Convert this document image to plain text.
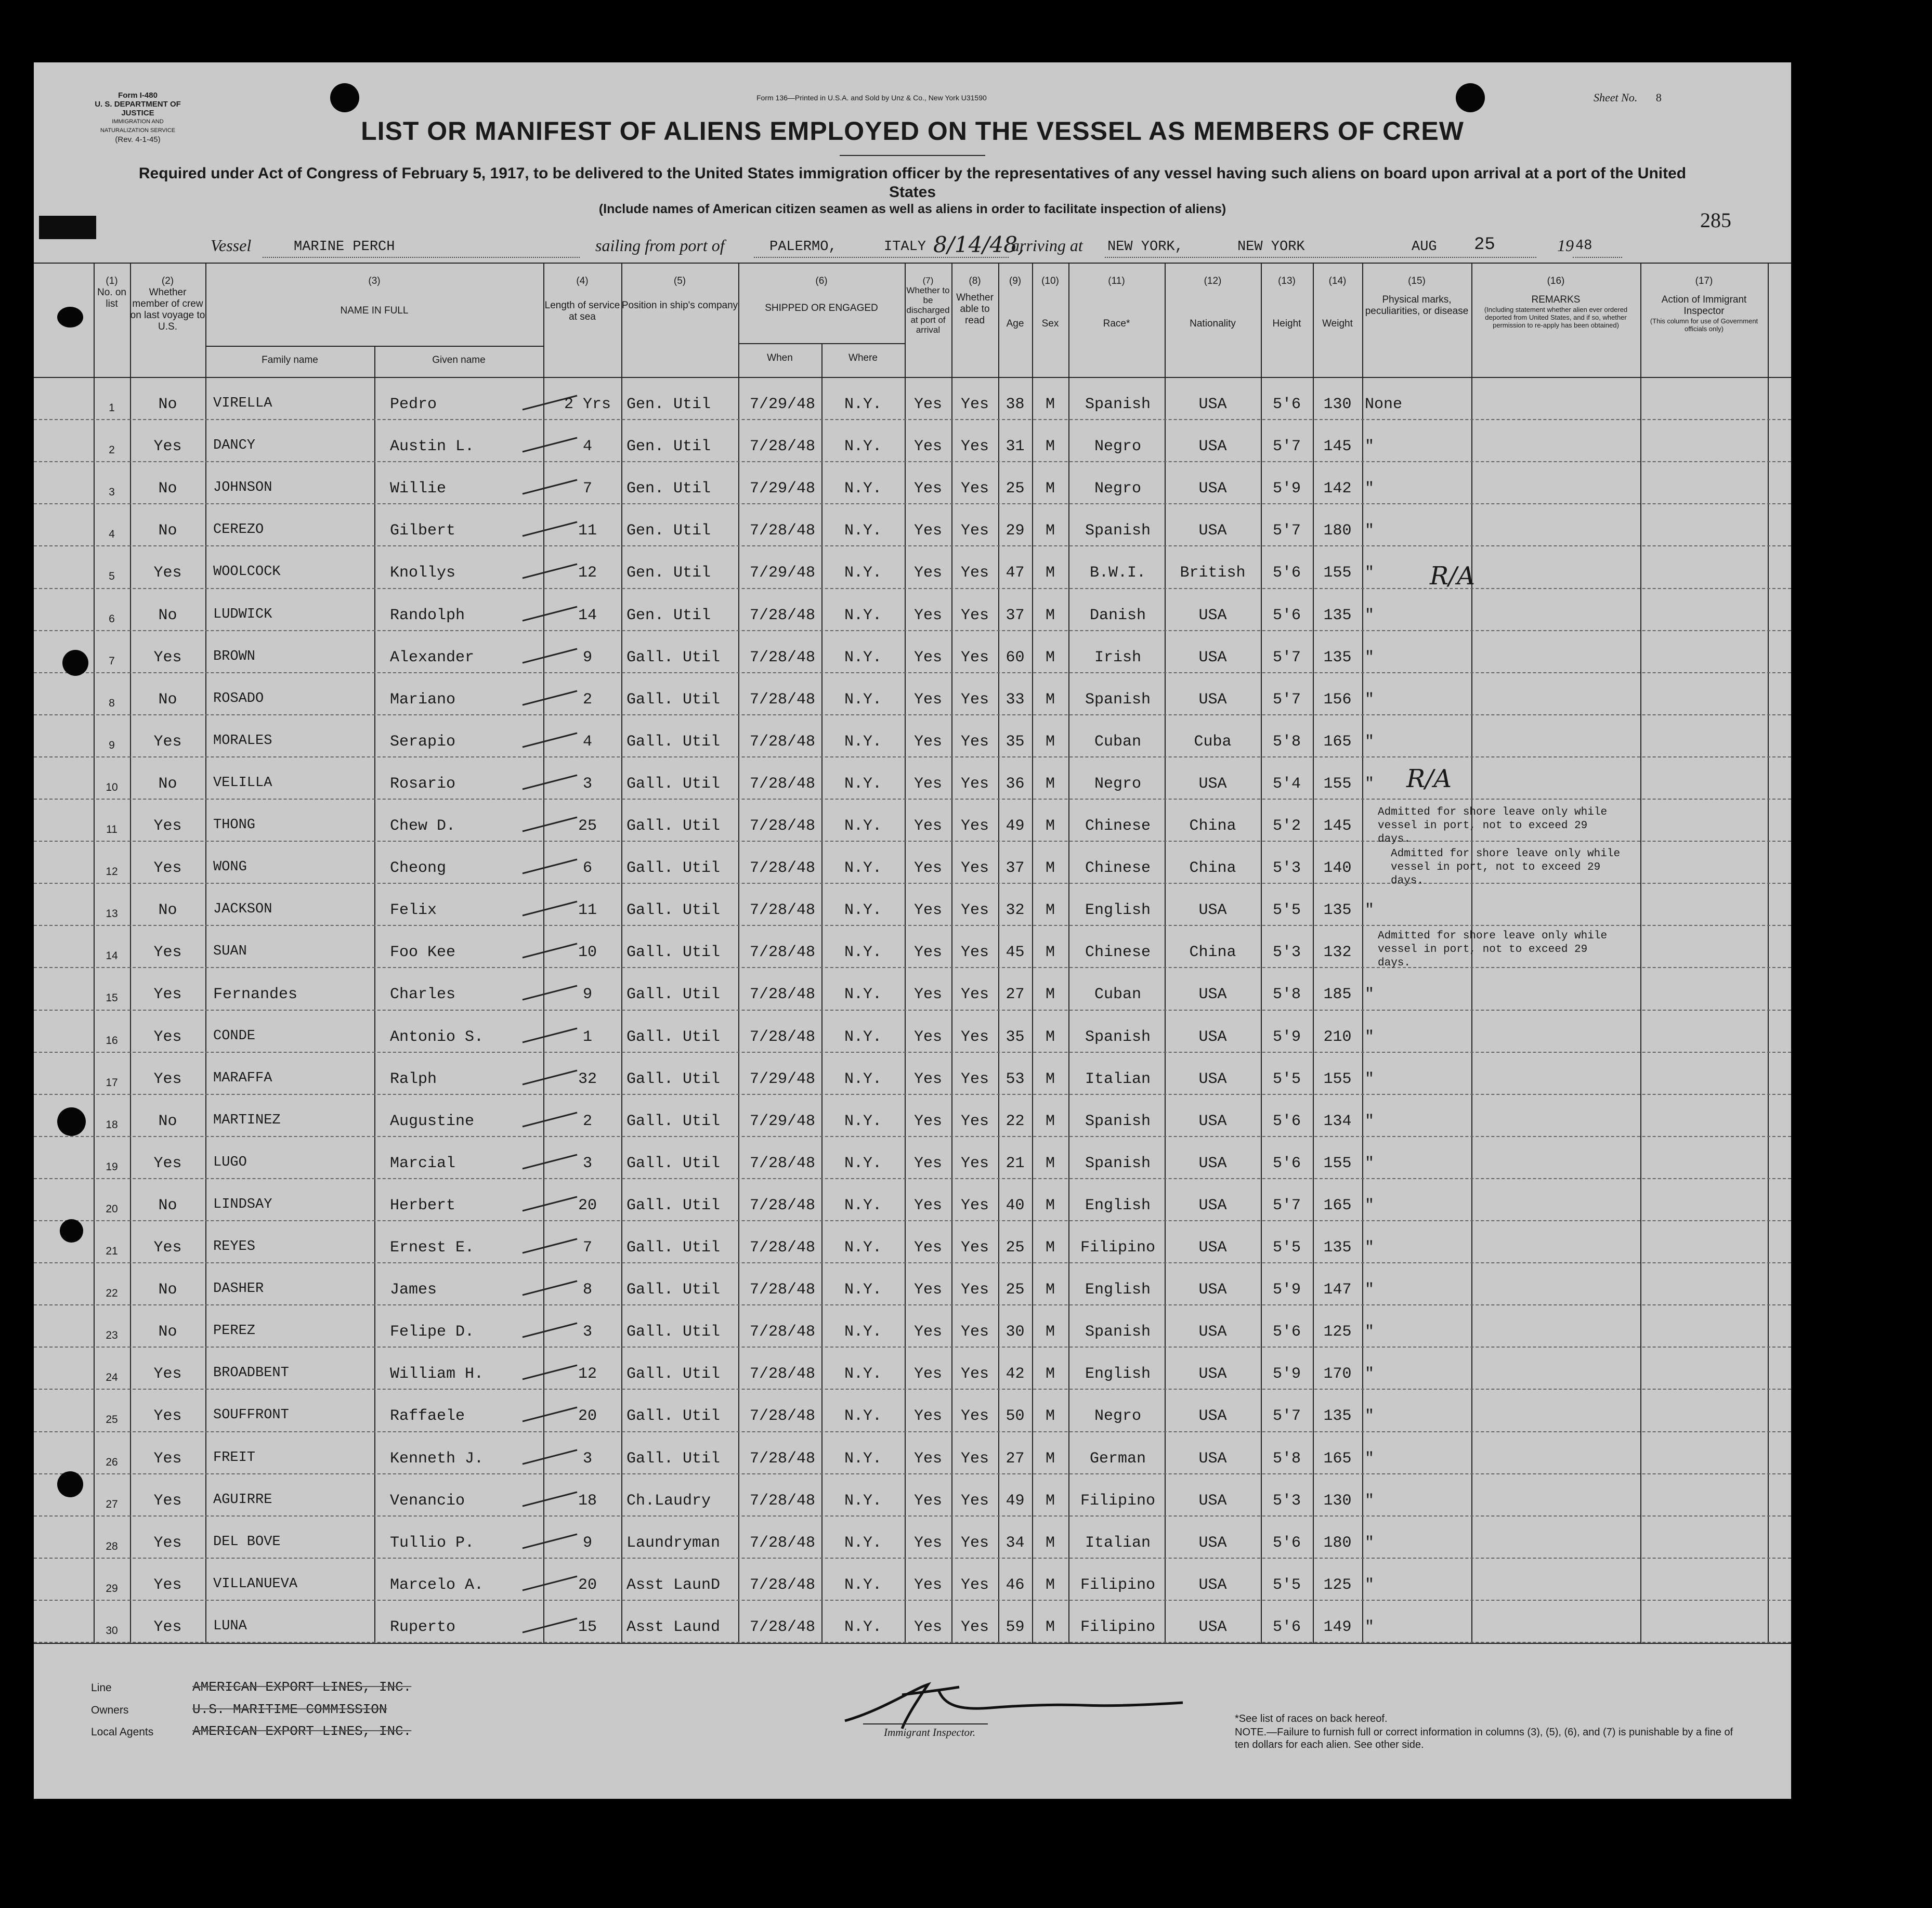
Form I-480
U. S. DEPARTMENT OF JUSTICE
IMMIGRATION AND NATURALIZATION SERVICE
(Rev. 4-1-45)
Form 136—Printed in U.S.A. and Sold by Unz & Co., New York U31590	Sheet No. 8
285
LIST OR MANIFEST OF ALIENS EMPLOYED ON THE VESSEL AS MEMBERS OF CREW
Required under Act of Congress of February 5, 1917, to be delivered to the United States immigration officer by the representatives of any vessel having such aliens on board upon arrival at a port of the United States
(Include names of American citizen seamen as well as aliens in order to facilitate inspection of aliens)
Vessel	MARINE PERCH	sailing from port of	PALERMO,	ITALY 8/14/48,
arriving at NEW YORK,	NEW YORK	AUG 25	19 48
(1)
No. on list
(2)
Whether member of crew on last voyage to U.S.
(3)
NAME IN FULL
Family name	Given name
(4)
Length of service at sea
(5)
Position in ship's company
(6)
SHIPPED OR ENGAGED
When	Where
(7)
Whether to be discharged at port of arrival
(8)
Whether able to read
(9)
Age
(10)
Sex
(11)
Race*
(12)
Nationality
(13)
Height
(14)
Weight
(15)
Physical marks, peculiarities, or disease
(16)
REMARKS
(Including statement whether alien ever ordered deported from United States, and if so, whether permission to re-apply has been obtained)
(17)
Action of Immigrant Inspector
(This column for use of Government officials only)
1	No	VIRELLA	Pedro	2 Yrs	Gen. Util	7/29/48	N.Y.	Yes	Yes	38	M	Spanish	USA	5'6	130 None
2	Yes	DANCY	Austin L.	4	Gen. Util	7/28/48	N.Y.	Yes	Yes	31	M	Negro	USA	5'7	145 "
3	No	JOHNSON	Willie	7	Gen. Util	7/29/48	N.Y.	Yes	Yes	25	M	Negro	USA	5'9	142 "
4	No	CEREZO	Gilbert	11	Gen. Util	7/28/48	N.Y.	Yes	Yes	29	M	Spanish	USA	5'7	180 "
5	Yes	WOOLCOCK	Knollys	12	Gen. Util	7/29/48	N.Y.	Yes	Yes	47	M	B.W.I.	British	5'6	155 "
6	No	LUDWICK	Randolph	14	Gen. Util	7/28/48	N.Y.	Yes	Yes	37	M	Danish	USA	5'6	135 "
7	Yes	BROWN	Alexander	9	Gall. Util	7/28/48	N.Y.	Yes	Yes	60	M	Irish	USA	5'7	135 "
8	No	ROSADO	Mariano	2	Gall. Util	7/28/48	N.Y.	Yes	Yes	33	M	Spanish	USA	5'7	156 "
9	Yes	MORALES	Serapio	4	Gall. Util	7/28/48	N.Y.	Yes	Yes	35	M	Cuban	Cuba	5'8	165 "
10	No	VELILLA	Rosario	3	Gall. Util	7/28/48	N.Y.	Yes	Yes	36	M	Negro	USA	5'4	155 "
11	Yes	THONG	Chew D.	25	Gall. Util	7/28/48	N.Y.	Yes	Yes	49	M	Chinese	China	5'2	145
12	Yes	WONG	Cheong	6	Gall. Util	7/28/48	N.Y.	Yes	Yes	37	M	Chinese	China	5'3	140
13	No	JACKSON	Felix	11	Gall. Util	7/28/48	N.Y.	Yes	Yes	32	M	English	USA	5'5	135 "
14	Yes	SUAN	Foo Kee	10	Gall. Util	7/28/48	N.Y.	Yes	Yes	45	M	Chinese	China	5'3	132
15	Yes	Fernandes	Charles	9	Gall. Util	7/28/48	N.Y.	Yes	Yes	27	M	Cuban	USA	5'8	185 "
16	Yes	CONDE	Antonio S.	1	Gall. Util	7/28/48	N.Y.	Yes	Yes	35	M	Spanish	USA	5'9	210 "
17	Yes	MARAFFA	Ralph	32	Gall. Util	7/29/48	N.Y.	Yes	Yes	53	M	Italian	USA	5'5	155 "
18	No	MARTINEZ	Augustine	2	Gall. Util	7/29/48	N.Y.	Yes	Yes	22	M	Spanish	USA	5'6	134 "
19	Yes	LUGO	Marcial	3	Gall. Util	7/28/48	N.Y.	Yes	Yes	21	M	Spanish	USA	5'6	155 "
20	No	LINDSAY	Herbert	20	Gall. Util	7/28/48	N.Y.	Yes	Yes	40	M	English	USA	5'7	165 "
21	Yes	REYES	Ernest E.	7	Gall. Util	7/28/48	N.Y.	Yes	Yes	25	M	Filipino	USA	5'5	135 "
22	No	DASHER	James	8	Gall. Util	7/28/48	N.Y.	Yes	Yes	25	M	English	USA	5'9	147 "
23	No	PEREZ	Felipe D.	3	Gall. Util	7/28/48	N.Y.	Yes	Yes	30	M	Spanish	USA	5'6	125 "
24	Yes	BROADBENT	William H.	12	Gall. Util	7/28/48	N.Y.	Yes	Yes	42	M	English	USA	5'9	170 "
25	Yes	SOUFFRONT	Raffaele	20	Gall. Util	7/28/48	N.Y.	Yes	Yes	50	M	Negro	USA	5'7	135 "
26	Yes	FREIT	Kenneth J.	3	Gall. Util	7/28/48	N.Y.	Yes	Yes	27	M	German	USA	5'8	165 "
27	Yes	AGUIRRE	Venancio	18	Ch.Laudry	7/28/48	N.Y.	Yes	Yes	49	M	Filipino	USA	5'3	130 "
28	Yes	DEL BOVE	Tullio P.	9	Laundryman	7/28/48	N.Y.	Yes	Yes	34	M	Italian	USA	5'6	180 "
29	Yes	VILLANUEVA	Marcelo A.	20	Asst LaunD	7/28/48	N.Y.	Yes	Yes	46	M	Filipino	USA	5'5	125 "
30	Yes	LUNA	Ruperto	15	Asst Laund	7/28/48	N.Y.	Yes	Yes	59	M	Filipino	USA	5'6	149 "
R/A
R/A
Admitted for shore leave only while vessel in port, not to exceed 29 days.
Admitted for shore leave only while vessel in port, not to exceed 29 days.
Admitted for shore leave only while vessel in port, not to exceed 29 days.
Line	AMERICAN EXPORT LINES, INC.
Owners	U.S. MARITIME COMMISSION
Local Agents	AMERICAN EXPORT LINES, INC.	Immigrant Inspector.
*See list of races on back hereof.
NOTE.—Failure to furnish full or correct information in columns (3), (5), (6), and (7) is punishable by a fine of ten dollars for each alien. See other side.
